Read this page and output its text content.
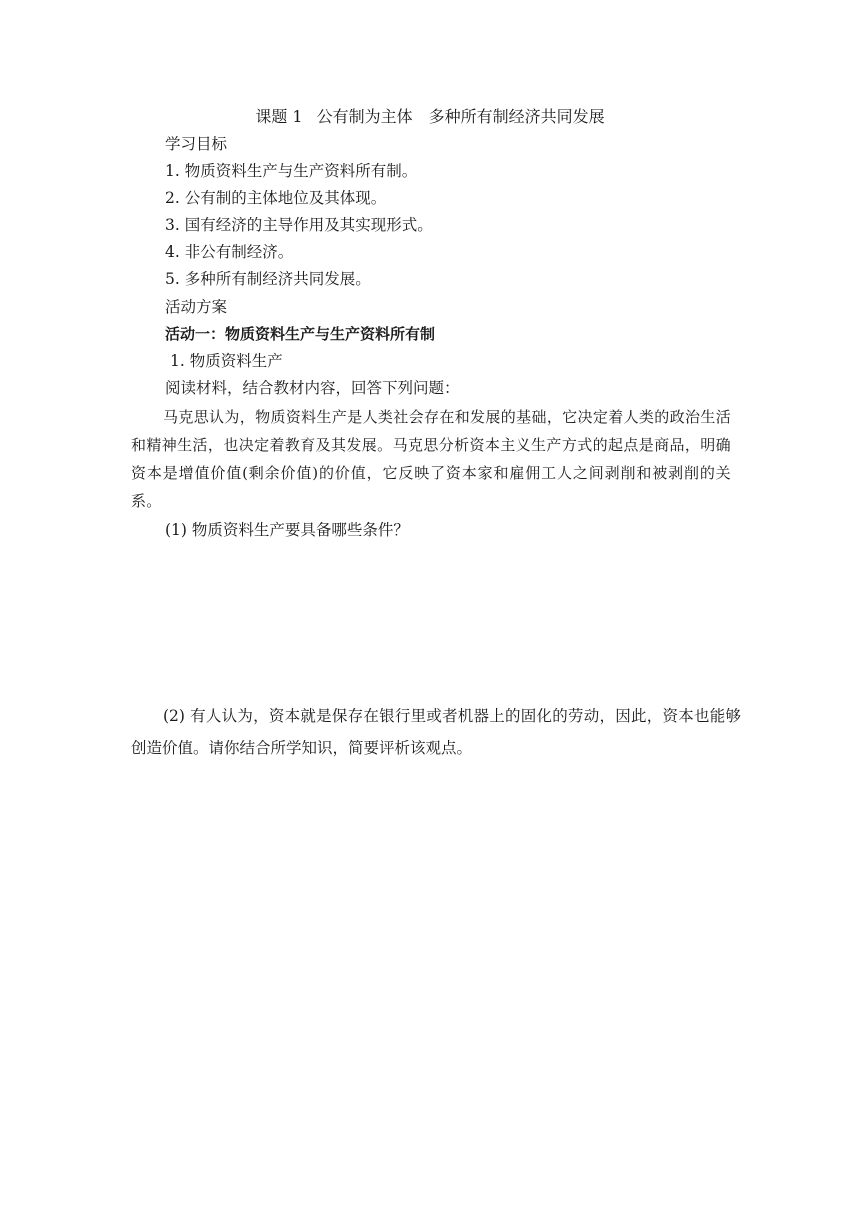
课题 1 公有制为主体　多种所有制经济共同发展
学习目标
1. 物质资料生产与生产资料所有制。
2. 公有制的主体地位及其体现。
3. 国有经济的主导作用及其实现形式。
4. 非公有制经济。
5. 多种所有制经济共同发展。
活动方案
活动一：物质资料生产与生产资料所有制
1. 物质资料生产
阅读材料，结合教材内容，回答下列问题：
马克思认为，物质资料生产是人类社会存在和发展的基础，它决定着人类的政治生活和精神生活，也决定着教育及其发展。马克思分析资本主义生产方式的起点是商品，明确资本是增值价值(剩余价值)的价值，它反映了资本家和雇佣工人之间剥削和被剥削的关系。
(1) 物质资料生产要具备哪些条件？
(2) 有人认为，资本就是保存在银行里或者机器上的固化的劳动，因此，资本也能够创造价值。请你结合所学知识，简要评析该观点。
